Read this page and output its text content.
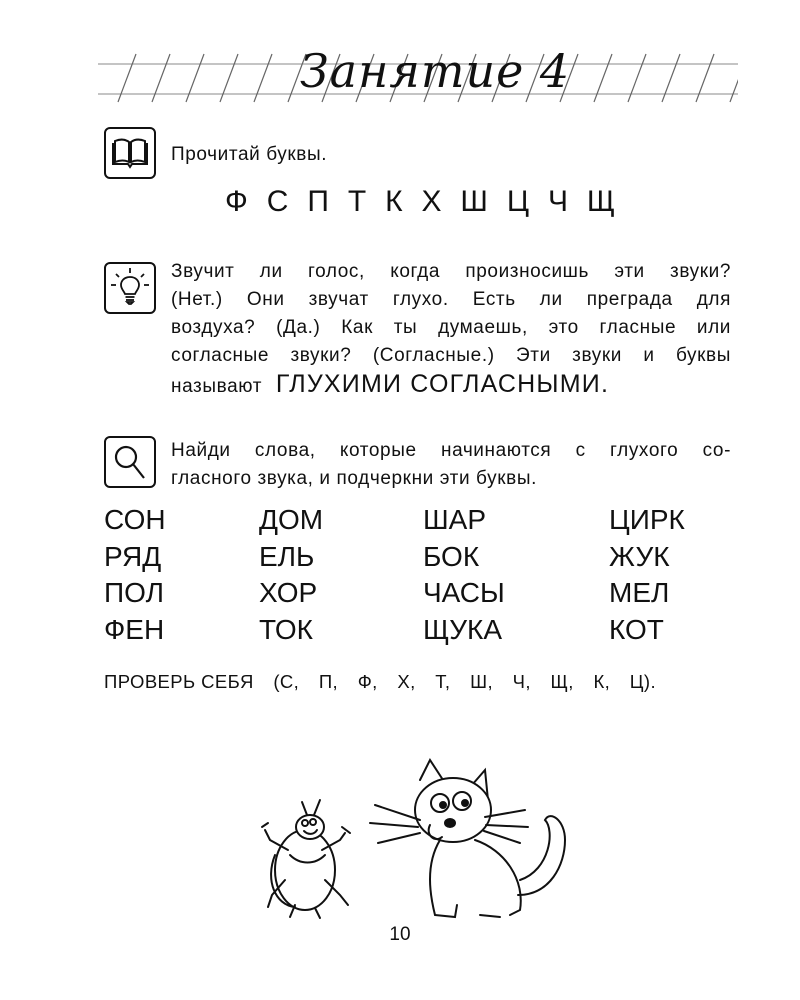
Занятие 4
Прочитай буквы.
Ф С П Т К Х Ш Ц Ч Щ
Звучит ли голос, когда произносишь эти звуки?
(Нет.) Они звучат глухо. Есть ли преграда для
воздуха? (Да.) Как ты думаешь, это гласные или
согласные звуки? (Согласные.) Эти звуки и буквы
называют ГЛУХИМИ СОГЛАСНЫМИ.
Найди слова, которые начинаются с глухого со-
гласного звука, и подчеркни эти буквы.
СОН
РЯД
ПОЛ
ФЕН
ДОМ
ЕЛЬ
ХОР
ТОК
ШАР
БОК
ЧАСЫ
ЩУКА
ЦИРК
ЖУК
МЕЛ
КОТ
ПРОВЕРЬ СЕБЯ (С, П, Ф, Х, Т, Ш, Ч, Щ, К, Ц).
10
